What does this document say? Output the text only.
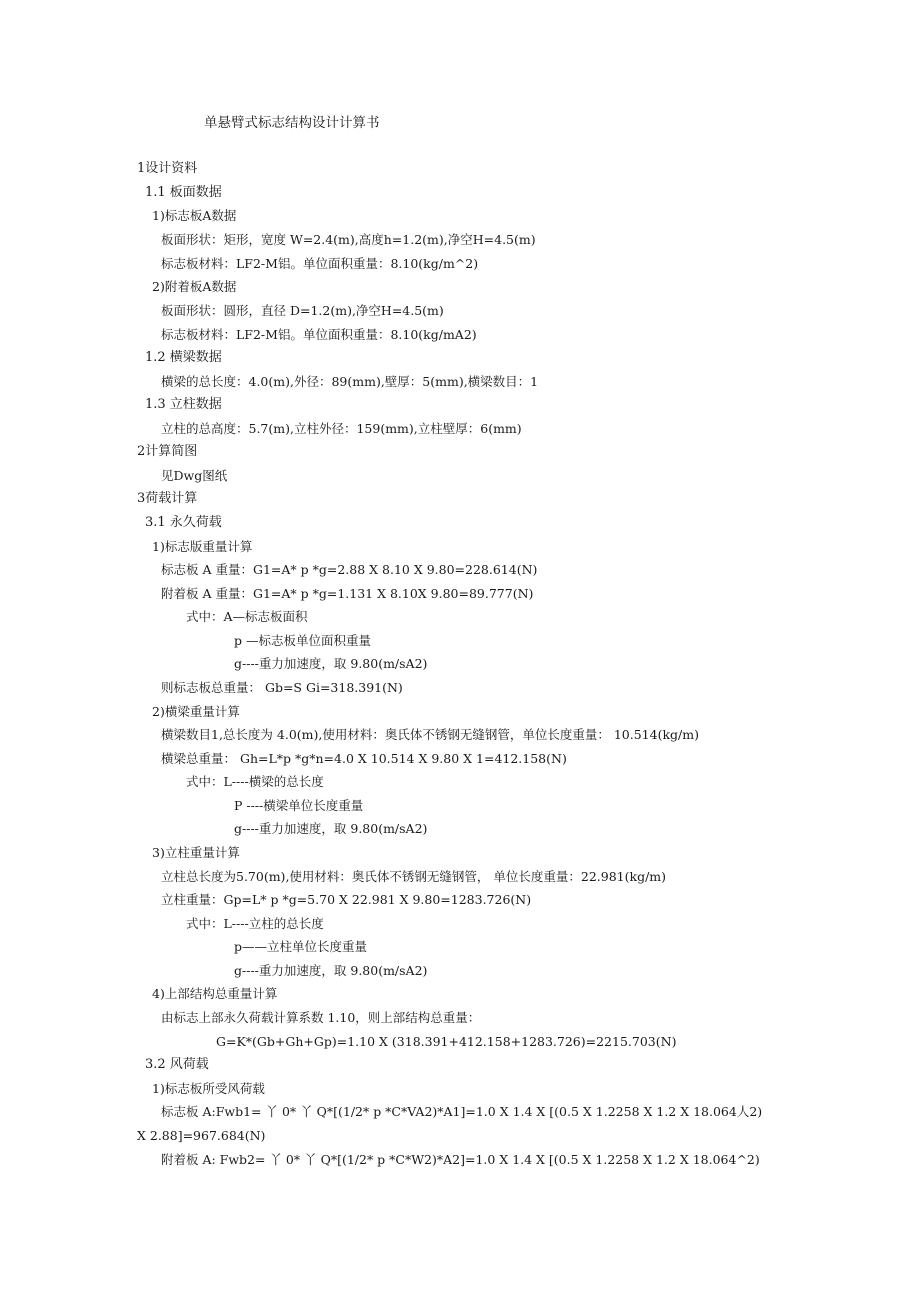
单悬臂式标志结构设计计算书
1设计资料
1.1 板面数据
1)标志板A数据
板面形状：矩形，宽度 W=2.4(m),高度h=1.2(m),净空H=4.5(m)
标志板材料：LF2-M铝。单位面积重量：8.10(kg/m^2)
2)附着板A数据
板面形状：圆形，直径 D=1.2(m),净空H=4.5(m)
标志板材料：LF2-M铝。单位面积重量：8.10(kg/mA2)
1.2 横梁数据
横梁的总长度：4.0(m),外径：89(mm),壁厚：5(mm),横梁数目：1
1.3 立柱数据
立柱的总高度：5.7(m),立柱外径：159(mm),立柱壁厚：6(mm)
2计算简图
见Dwg图纸
3荷载计算
3.1 永久荷载
1)标志版重量计算
标志板 A 重量：G1=A* p *g=2.88 X 8.10 X 9.80=228.614(N)
附着板 A 重量：G1=A* p *g=1.131 X 8.10X 9.80=89.777(N)
式中：A—标志板面积
p —标志板单位面积重量
g----重力加速度，取 9.80(m/sA2)
则标志板总重量： Gb=S Gi=318.391(N)
2)横梁重量计算
横梁数目1,总长度为 4.0(m),使用材料：奥氏体不锈钢无缝钢管，单位长度重量： 10.514(kg/m)
横梁总重量： Gh=L*p *g*n=4.0 X 10.514 X 9.80 X 1=412.158(N)
式中：L----横梁的总长度
P ----横梁单位长度重量
g----重力加速度，取 9.80(m/sA2)
3)立柱重量计算
立柱总长度为5.70(m),使用材料：奥氏体不锈钢无缝钢管， 单位长度重量：22.981(kg/m)
立柱重量：Gp=L* p *g=5.70 X 22.981 X 9.80=1283.726(N)
式中：L----立柱的总长度
p——立柱单位长度重量
g----重力加速度，取 9.80(m/sA2)
4)上部结构总重量计算
由标志上部永久荷载计算系数 1.10，则上部结构总重量：
G=K*(Gb+Gh+Gp)=1.10 X (318.391+412.158+1283.726)=2215.703(N)
3.2 风荷载
1)标志板所受风荷载
标志板 A:Fwb1= 丫 0* 丫 Q*[(1/2* p *C*VA2)*A1]=1.0 X 1.4 X [(0.5 X 1.2258 X 1.2 X 18.064人2)
X 2.88]=967.684(N)
附着板 A: Fwb2= 丫 0* 丫 Q*[(1/2* p *C*W2)*A2]=1.0 X 1.4 X [(0.5 X 1.2258 X 1.2 X 18.064^2)
